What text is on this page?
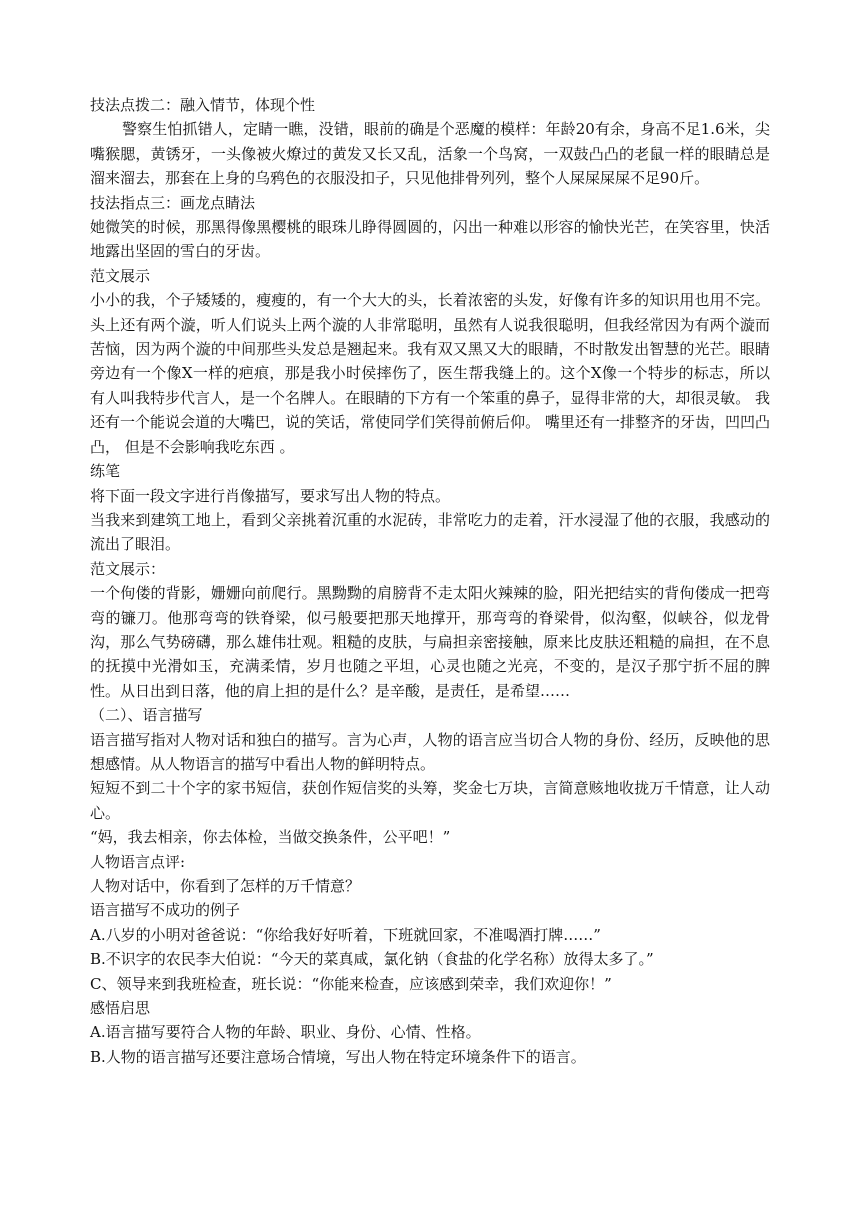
技法点拨二：融入情节，体现个性

警察生怕抓错人，定睛一瞧，没错，眼前的确是个恶魔的模样：年龄20有余，身高不足1.6米，尖嘴猴腮，黄锈牙，一头像被火燎过的黄发又长又乱，活象一个鸟窝，一双鼓凸凸的老鼠一样的眼睛总是溜来溜去，那套在上身的乌鸦色的衣服没扣子，只见他排骨列列，整个人屎屎屎屎不足90斤。

技法指点三：画龙点睛法

她微笑的时候，那黑得像黑樱桃的眼珠儿睁得圆圆的，闪出一种难以形容的愉快光芒，在笑容里，快活地露出坚固的雪白的牙齿。

范文展示

小小的我，个子矮矮的，瘦瘦的，有一个大大的头，长着浓密的头发，好像有许多的知识用也用不完。头上还有两个漩，听人们说头上两个漩的人非常聪明，虽然有人说我很聪明，但我经常因为有两个漩而苦恼，因为两个漩的中间那些头发总是翘起来。我有双又黑又大的眼睛，不时散发出智慧的光芒。眼睛旁边有一个像X一样的疤痕，那是我小时侯摔伤了，医生帮我缝上的。这个X像一个特步的标志，所以有人叫我特步代言人，是一个名牌人。在眼睛的下方有一个笨重的鼻子，显得非常的大，却很灵敏。 我还有一个能说会道的大嘴巴，说的笑话，常使同学们笑得前俯后仰。 嘴里还有一排整齐的牙齿，凹凹凸凸， 但是不会影响我吃东西 。

练笔

将下面一段文字进行肖像描写，要求写出人物的特点。

当我来到建筑工地上，看到父亲挑着沉重的水泥砖，非常吃力的走着，汗水浸湿了他的衣服，我感动的流出了眼泪。

范文展示：

一个佝偻的背影，姗姗向前爬行。黑黝黝的肩膀背不走太阳火辣辣的脸，阳光把结实的背佝偻成一把弯弯的镰刀。他那弯弯的铁脊梁，似弓般要把那天地撑开，那弯弯的脊梁骨，似沟壑，似峡谷，似龙骨沟，那么气势磅礴，那么雄伟壮观。粗糙的皮肤，与扁担亲密接触，原来比皮肤还粗糙的扁担，在不息的抚摸中光滑如玉，充满柔情，岁月也随之平坦，心灵也随之光亮，不变的，是汉子那宁折不屈的脾性。从日出到日落，他的肩上担的是什么？是辛酸，是责任，是希望……

（二）、语言描写

语言描写指对人物对话和独白的描写。言为心声，人物的语言应当切合人物的身份、经历，反映他的思想感情。从人物语言的描写中看出人物的鲜明特点。

短短不到二十个字的家书短信，获创作短信奖的头筹，奖金七万块，言简意赅地收拢万千情意，让人动心。

“妈，我去相亲，你去体检，当做交换条件，公平吧！”

人物语言点评:

人物对话中，你看到了怎样的万千情意？

语言描写不成功的例子

A.八岁的小明对爸爸说：“你给我好好听着，下班就回家，不准喝酒打牌……”

B.不识字的农民李大伯说：“今天的菜真咸，氯化钠（食盐的化学名称）放得太多了。”

C、领导来到我班检查，班长说：“你能来检查，应该感到荣幸，我们欢迎你！”

感悟启思

A.语言描写要符合人物的年龄、职业、身份、心情、性格。

B.人物的语言描写还要注意场合情境，写出人物在特定环境条件下的语言。
